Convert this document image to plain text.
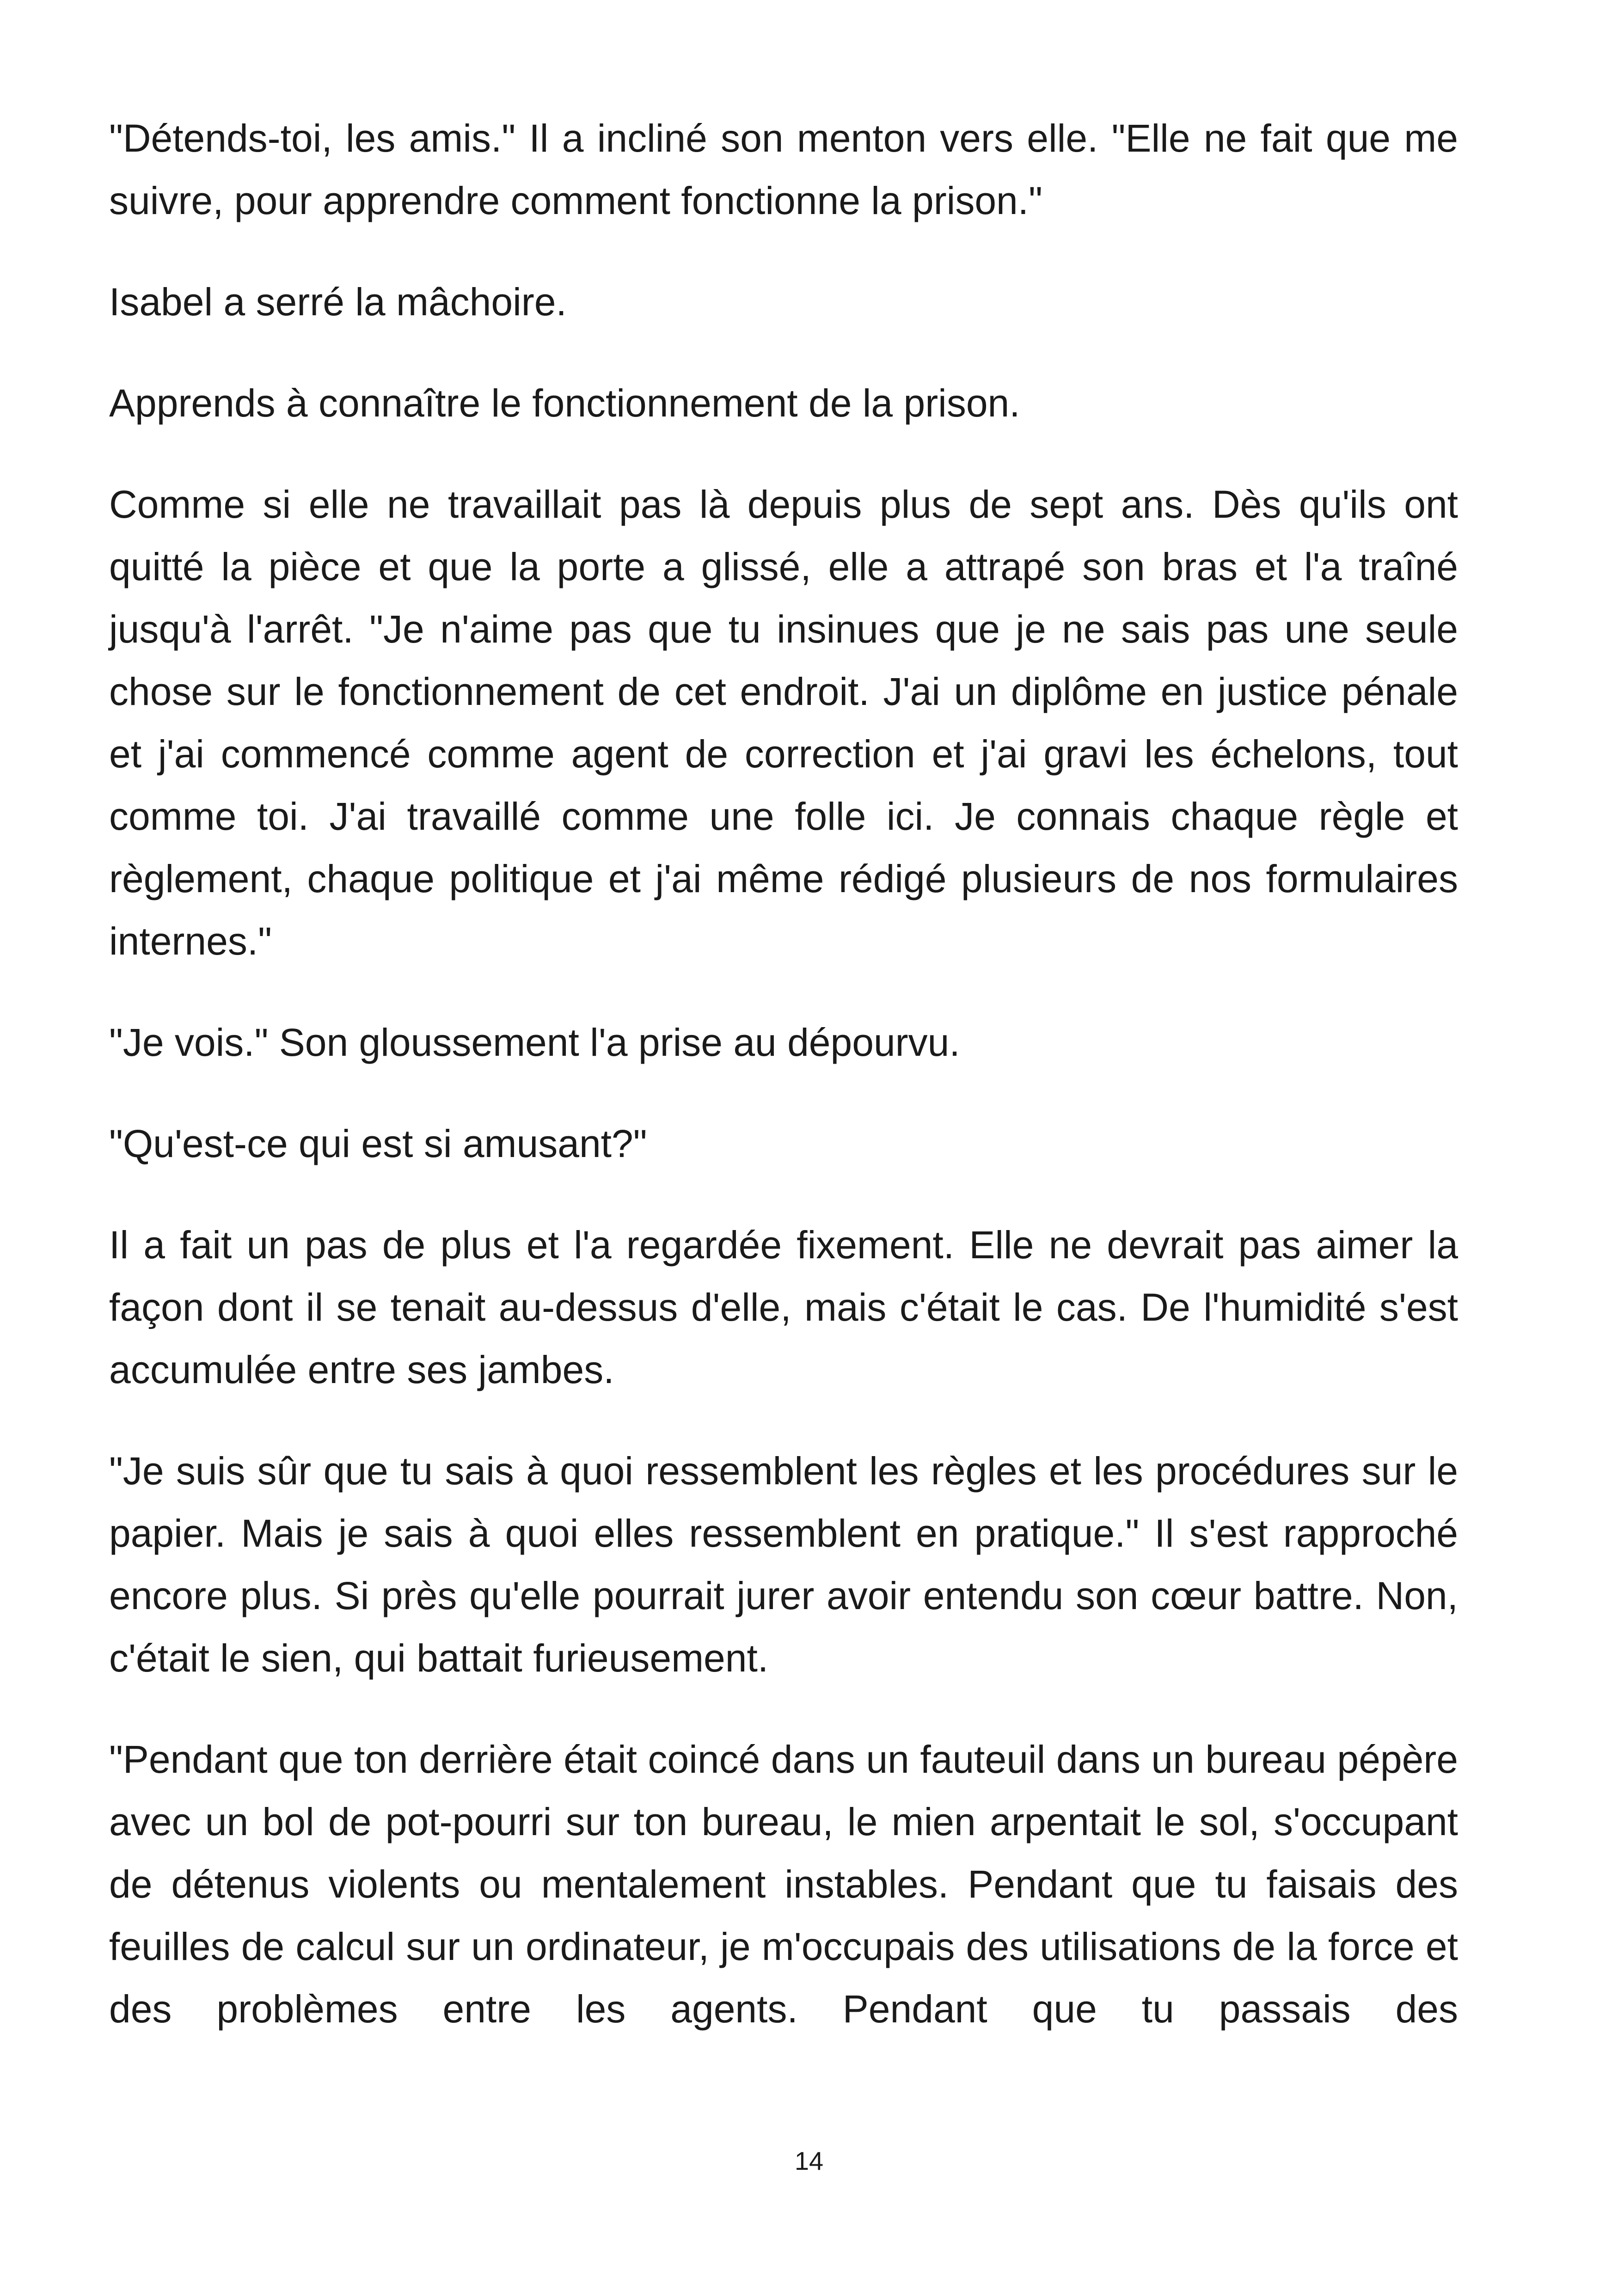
"Détends-toi, les amis." Il a incliné son menton vers elle. "Elle ne fait que me suivre, pour apprendre comment fonctionne la prison."

Isabel a serré la mâchoire.

Apprends à connaître le fonctionnement de la prison.

Comme si elle ne travaillait pas là depuis plus de sept ans. Dès qu'ils ont quitté la pièce et que la porte a glissé, elle a attrapé son bras et l'a traîné jusqu'à l'arrêt. "Je n'aime pas que tu insinues que je ne sais pas une seule chose sur le fonctionnement de cet endroit. J'ai un diplôme en justice pénale et j'ai commencé comme agent de correction et j'ai gravi les échelons, tout comme toi. J'ai travaillé comme une folle ici. Je connais chaque règle et règlement, chaque politique et j'ai même rédigé plusieurs de nos formulaires internes."

"Je vois." Son gloussement l'a prise au dépourvu.

"Qu'est-ce qui est si amusant?"

Il a fait un pas de plus et l'a regardée fixement. Elle ne devrait pas aimer la façon dont il se tenait au-dessus d'elle, mais c'était le cas. De l'humidité s'est accumulée entre ses jambes.

"Je suis sûr que tu sais à quoi ressemblent les règles et les procédures sur le papier. Mais je sais à quoi elles ressemblent en pratique." Il s'est rapproché encore plus. Si près qu'elle pourrait jurer avoir entendu son cœur battre. Non, c'était le sien, qui battait furieusement.

"Pendant que ton derrière était coincé dans un fauteuil dans un bureau pépère avec un bol de pot-pourri sur ton bureau, le mien arpentait le sol, s'occupant de détenus violents ou mentalement instables. Pendant que tu faisais des feuilles de calcul sur un ordinateur, je m'occupais des utilisations de la force et des problèmes entre les agents. Pendant que tu passais des

14
